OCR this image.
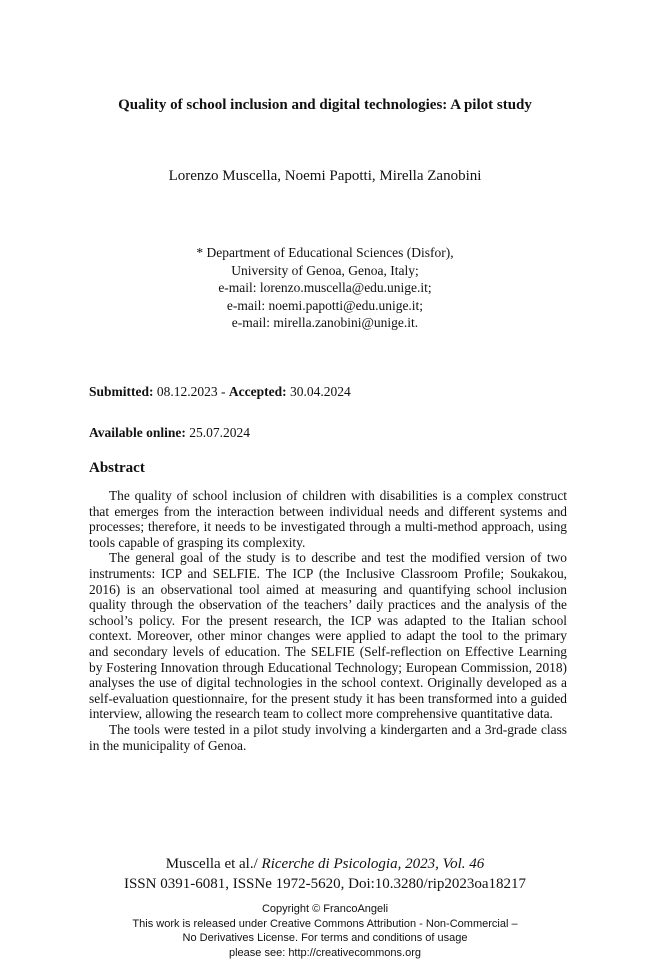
Quality of school inclusion and digital technologies: A pilot study
Lorenzo Muscella, Noemi Papotti, Mirella Zanobini
* Department of Educational Sciences (Disfor),
University of Genoa, Genoa, Italy;
e-mail: lorenzo.muscella@edu.unige.it;
e-mail: noemi.papotti@edu.unige.it;
e-mail: mirella.zanobini@unige.it.
Submitted: 08.12.2023 - Accepted: 30.04.2024
Available online: 25.07.2024
Abstract

The quality of school inclusion of children with disabilities is a complex construct that emerges from the interaction between individual needs and different systems and processes; therefore, it needs to be investigated through a multi-method approach, using tools capable of grasping its complexity.

The general goal of the study is to describe and test the modified version of two instruments: ICP and SELFIE. The ICP (the Inclusive Classroom Profile; Soukakou, 2016) is an observational tool aimed at measuring and quantifying school inclusion quality through the observation of the teachers’ daily practices and the analysis of the school’s policy. For the present research, the ICP was adapted to the Italian school context. Moreover, other minor changes were applied to adapt the tool to the primary and secondary levels of education. The SELFIE (Self-reflection on Effective Learning by Fostering Innovation through Educational Technology; European Commission, 2018) analyses the use of digital technologies in the school context. Originally developed as a self-evaluation questionnaire, for the present study it has been transformed into a guided interview, allowing the research team to collect more comprehensive quantitative data.

The tools were tested in a pilot study involving a kindergarten and a 3rd-grade class in the municipality of Genoa.

Muscella et al./ Ricerche di Psicologia, 2023, Vol. 46
ISSN 0391-6081, ISSNe 1972-5620, Doi:10.3280/rip2023oa18217
Copyright © FrancoAngeli
This work is released under Creative Commons Attribution - Non-Commercial –
No Derivatives License. For terms and conditions of usage
please see: http://creativecommons.org
